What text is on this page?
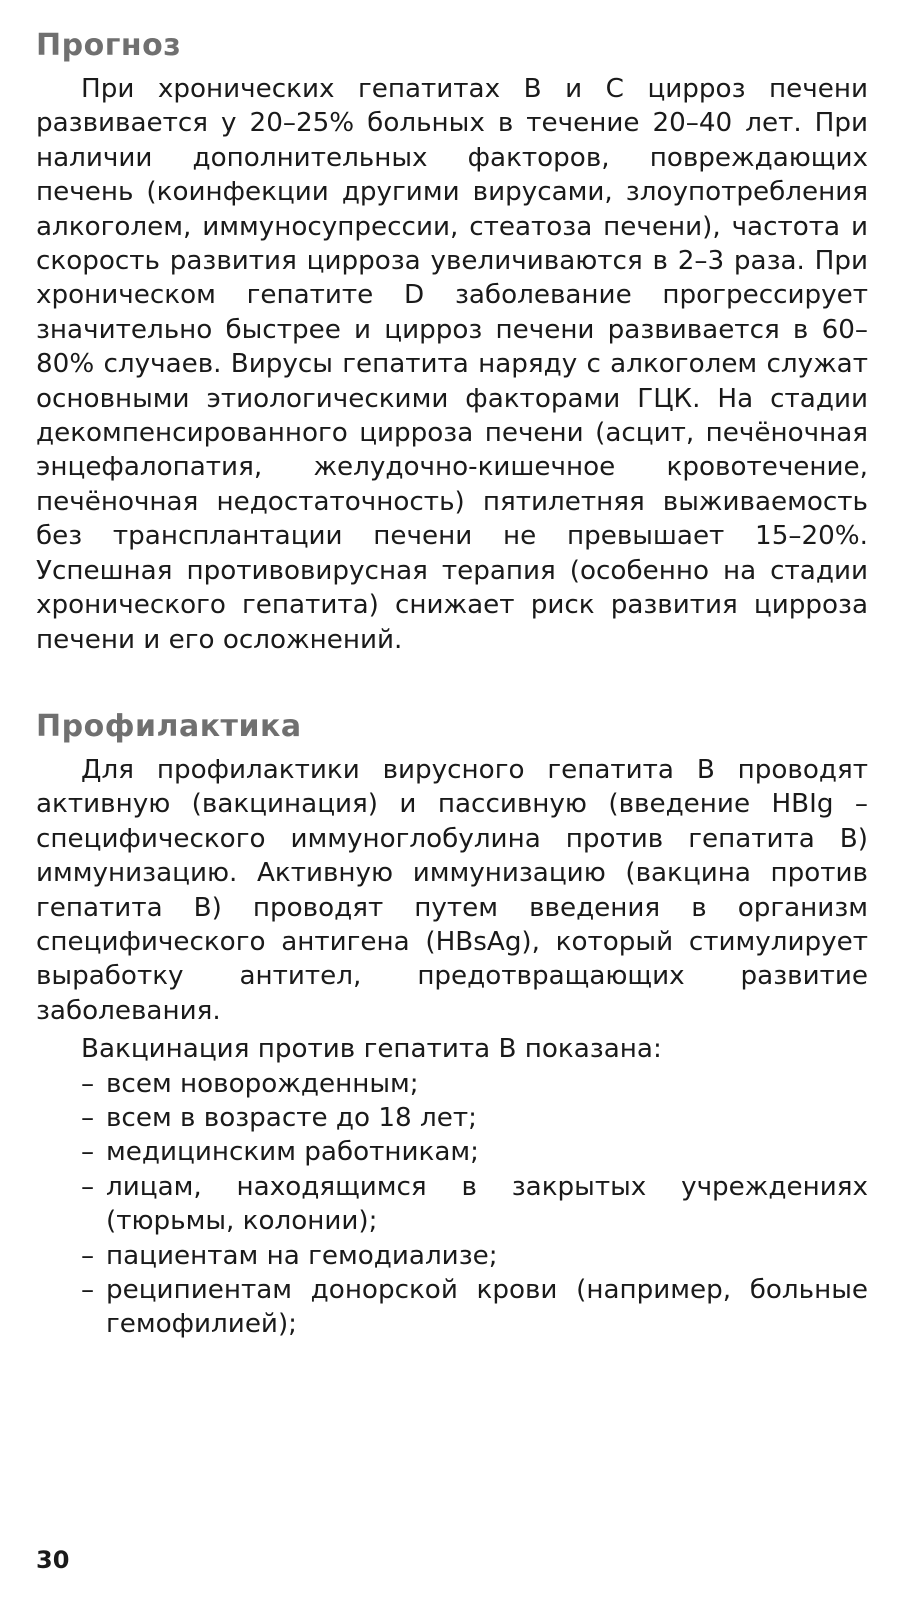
Прогноз

При хронических гепатитах B и C цирроз печени развивается у 20–25% больных в течение 20–40 лет. При наличии дополнительных факторов, повреждающих печень (коинфекции другими вирусами, злоупотребления алкоголем, иммуносупрессии, стеатоза печени), частота и скорость развития цирроза увеличиваются в 2–3 раза. При хроническом гепатите D заболевание прогрессирует значительно быстрее и цирроз печени развивается в 60–80% случаев. Вирусы гепатита наряду с алкоголем служат основными этиологическими факторами ГЦК. На стадии декомпенсированного цирроза печени (асцит, печёночная энцефалопатия, желудочно-кишечное кровотечение, печёночная недостаточность) пятилетняя выживаемость без трансплантации печени не превышает 15–20%. Успешная противовирусная терапия (особенно на стадии хронического гепатита) снижает риск развития цирроза печени и его осложнений.

Профилактика

Для профилактики вирусного гепатита B проводят активную (вакцинация) и пассивную (введение HBIg – специфического иммуноглобулина против гепатита B) иммунизацию. Активную иммунизацию (вакцина против гепатита B) проводят путем введения в организм специфического антигена (HBsAg), который стимулирует выработку антител, предотвращающих развитие заболевания.

Вакцинация против гепатита B показана:

– всем новорожденным;
– всем в возрасте до 18 лет;
– медицинским работникам;
– лицам, находящимся в закрытых учреждениях (тюрьмы, колонии);
– пациентам на гемодиализе;
– реципиентам донорской крови (например, больные гемофилией);
30
